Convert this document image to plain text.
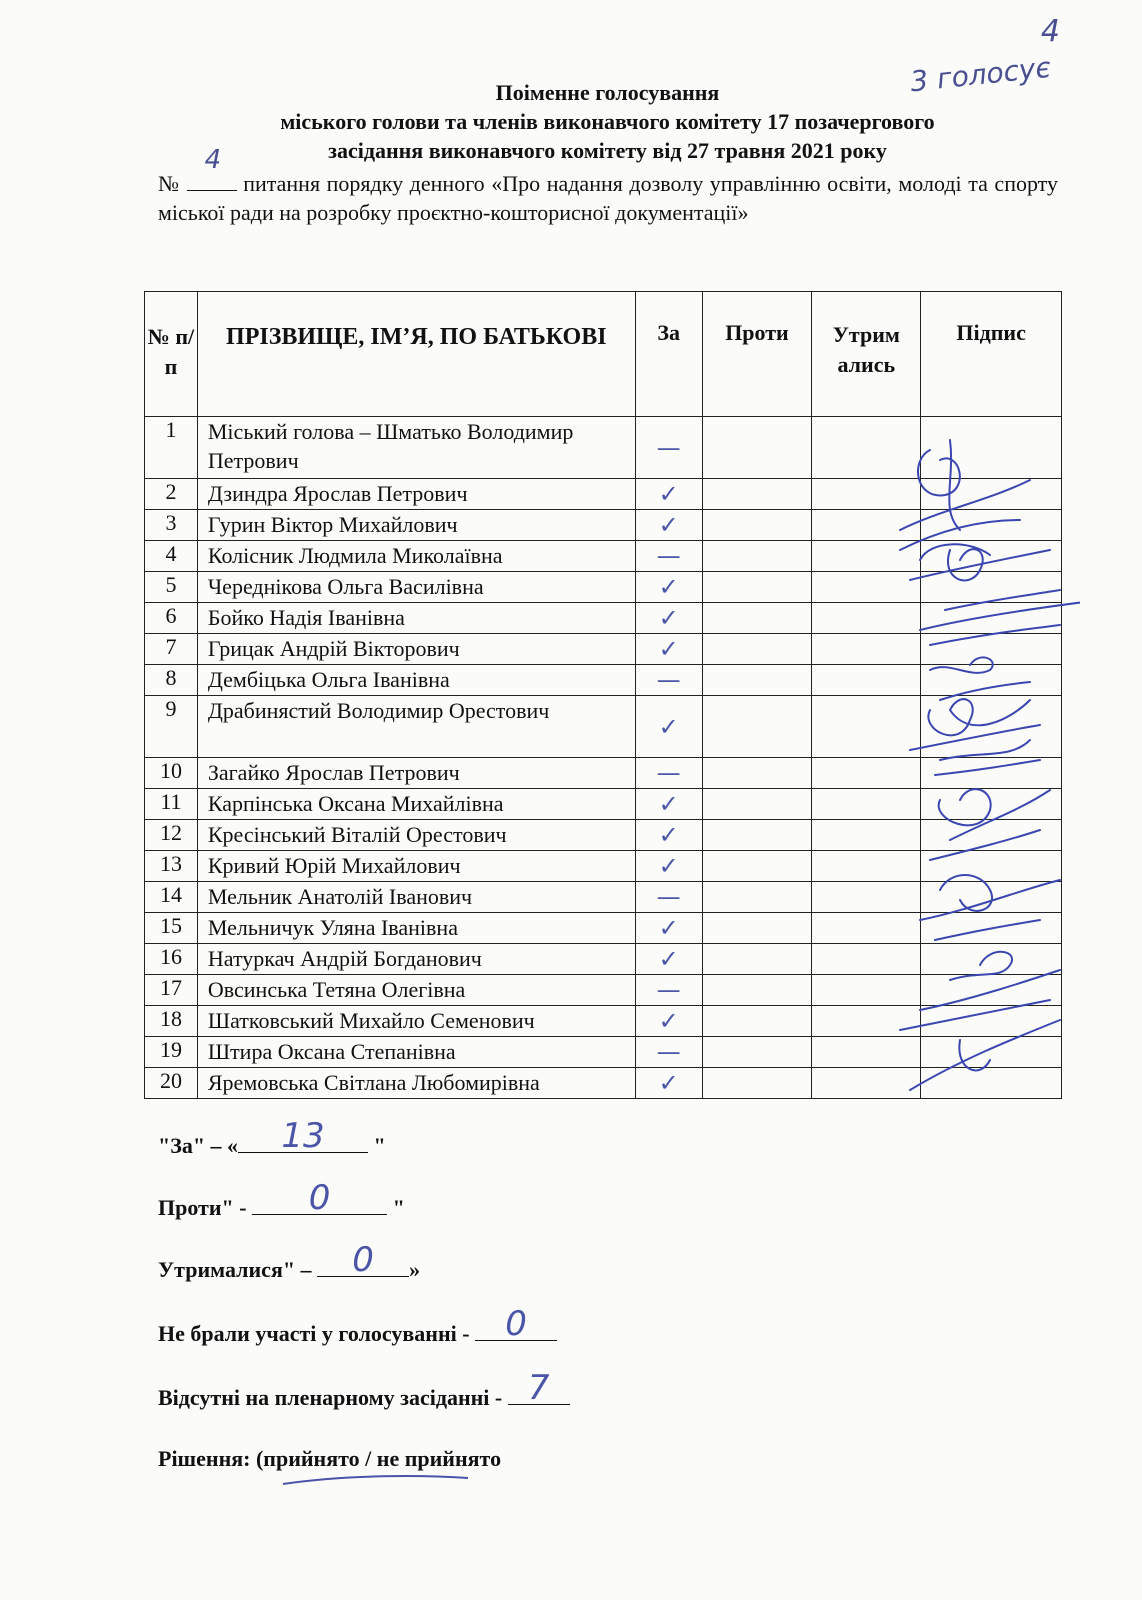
4
3 голосує
Поіменне голосування
міського голови та членів виконавчого комітету 17 позачергового
засідання виконавчого комітету від 27 травня 2021 року
№
4
питання порядку денного «Про надання дозволу управлінню освіти, молоді та спорту міської ради на розробку проєктно-кошторисної документації»
№ п/п	ПРІЗВИЩЕ, ІМ’Я, ПО БАТЬКОВІ	За	Проти	Утрим ались	Підпис
1	Міський голова – Шматько Володимир Петрович	—			
2	Дзиндра Ярослав Петрович	✓			
3	Гурин Віктор Михайлович	✓			
4	Колісник Людмила Миколаївна	—			
5	Череднікова Ольга Василівна	✓			
6	Бойко Надія Іванівна	✓			
7	Грицак Андрій Вікторович	✓			
8	Дембіцька Ольга Іванівна	—			
9	Драбинястий Володимир Орестович	✓			
10	Загайко Ярослав Петрович	—			
11	Карпінська Оксана Михайлівна	✓			
12	Кресінський Віталій Орестович	✓			
13	Кривий Юрій Михайлович	✓			
14	Мельник Анатолій Іванович	—			
15	Мельничук Уляна Іванівна	✓			
16	Натуркач Андрій Богданович	✓			
17	Овсинська Тетяна Олегівна	—			
18	Шатковський Михайло Семенович	✓			
19	Штира Оксана Степанівна	—			
20	Яремовська Світлана Любомирівна	✓			
"За" – «	13	"
Проти" -	0	"
Утрималися" –	0	»
Не брали участі у голосуванні - 0
Відсутні на пленарному засіданні - 7
Рішення: (прийнято / не прийнято
